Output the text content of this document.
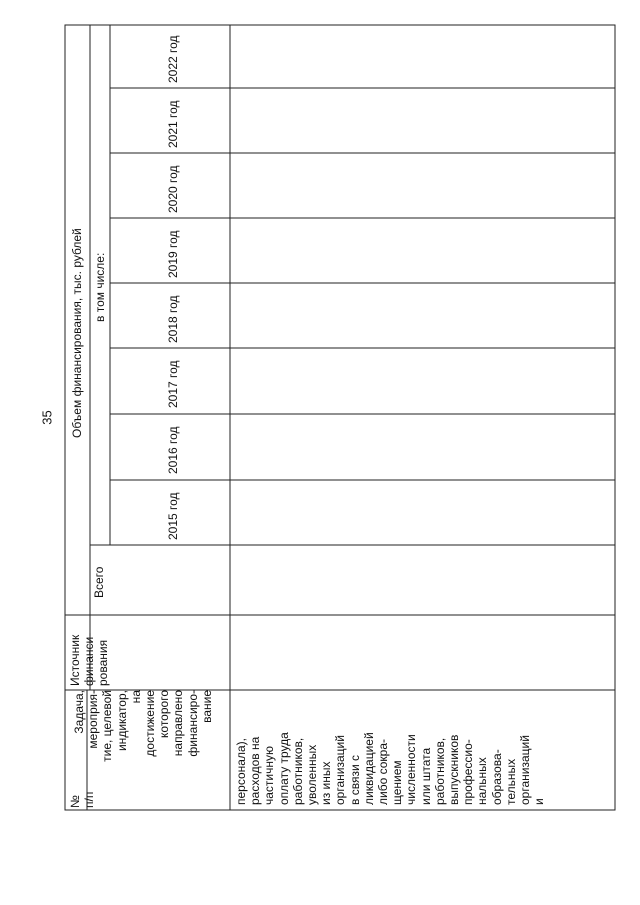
35
№
п/п
Задача,
мероприя-
тие, целевой
индикатор,
на
достижение
которого
направлено
финансиро-
вание
Источник
финанси-
рования
Объем финансирования, тыс. рублей в том числе:
Всего
2015 год
2016 год
2017 год
2018 год
2019 год
2020 год
2021 год
2022 год
персонала),
расходов на
частичную
оплату труда
работников,
уволенных
из иных
организаций
в связи с
ликвидацией
либо сокра-
щением
численности
или штата
работников,
выпускников
профессио-
нальных
образова-
тельных
организаций
и
